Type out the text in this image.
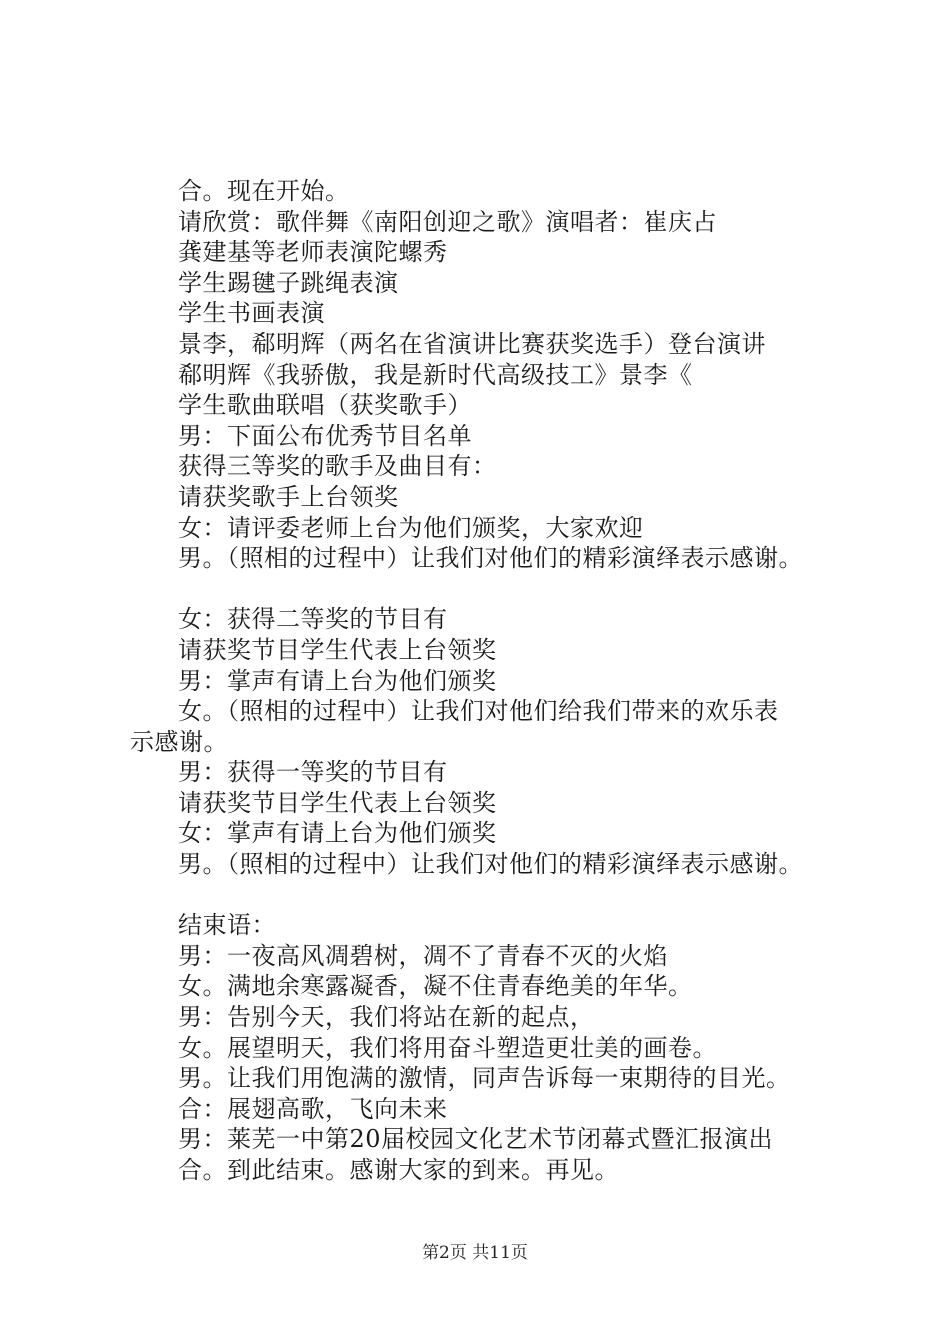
合。现在开始。
请欣赏：歌伴舞《南阳创迎之歌》演唱者：崔庆占
龚建基等老师表演陀螺秀
学生踢毽子跳绳表演
学生书画表演
景李，郗明辉（两名在省演讲比赛获奖选手）登台演讲
郗明辉《我骄傲，我是新时代高级技工》景李《
学生歌曲联唱（获奖歌手）
男：下面公布优秀节目名单
获得三等奖的歌手及曲目有：
请获奖歌手上台领奖
女：请评委老师上台为他们颁奖，大家欢迎
男。（照相的过程中）让我们对他们的精彩演绎表示感谢。
女：获得二等奖的节目有
请获奖节目学生代表上台领奖
男：掌声有请上台为他们颁奖
女。（照相的过程中）让我们对他们给我们带来的欢乐表
示感谢。
男：获得一等奖的节目有
请获奖节目学生代表上台领奖
女：掌声有请上台为他们颁奖
男。（照相的过程中）让我们对他们的精彩演绎表示感谢。
结束语：
男：一夜高风凋碧树，凋不了青春不灭的火焰
女。满地余寒露凝香，凝不住青春绝美的年华。
男：告别今天，我们将站在新的起点，
女。展望明天，我们将用奋斗塑造更壮美的画卷。
男。让我们用饱满的激情，同声告诉每一束期待的目光。
合：展翅高歌，飞向未来
男：莱芜一中第20届校园文化艺术节闭幕式暨汇报演出
合。到此结束。感谢大家的到来。再见。
第2页 共11页
